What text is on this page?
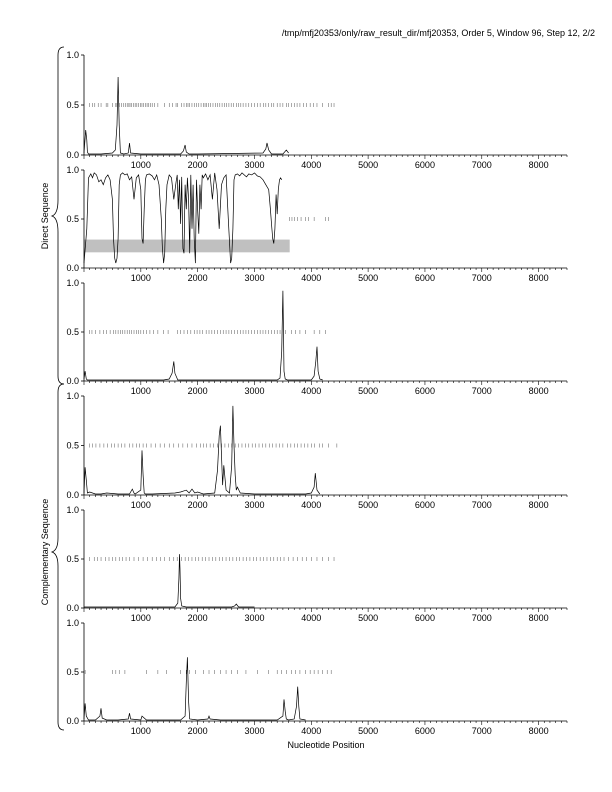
/tmp/mfj20353/only/raw_result_dir/mfj20353, Order 5, Window 96, Step 12, 2/2
Direct Sequence
Complementary Sequence
0.0
0.5
1.0
1000	2000	3000	4000	5000	6000	7000	8000
0.0
0.5
1.0
1000	2000	3000	4000	5000	6000	7000	8000
0.0
0.5
1.0
1000	2000	3000	4000	5000	6000	7000	8000
0.0
0.5
1.0
1000	2000	3000	4000	5000	6000	7000	8000
0.0
0.5
1.0
1000	2000	3000	4000	5000	6000	7000	8000
0.0
0.5
1.0
1000	2000	3000	4000	5000	6000	7000	8000
Nucleotide Position
